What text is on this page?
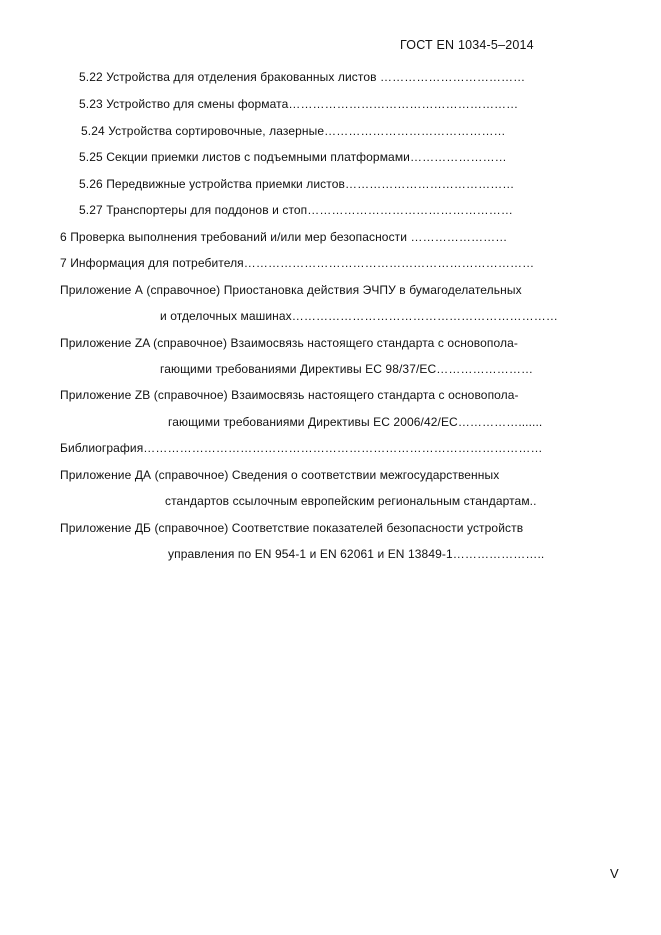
ГОСТ EN 1034-5–2014
5.22 Устройства для отделения бракованных листов ………………………………
5.23 Устройство для смены формата…………………………………………………
5.24 Устройства сортировочные, лазерные………………………………………
5.25 Секции приемки листов с подъемными платформами……………………
5.26 Передвижные устройства приемки листов……………………………………
5.27 Транспортеры для поддонов и стоп……………………………………………
6 Проверка выполнения требований и/или мер безопасности ……………………
7 Информация для потребителя………………………………………………………………
Приложение А (справочное) Приостановка действия ЭЧПУ в бумагоделательных
и отделочных машинах…………………………………………………………
Приложение ZA (справочное) Взаимосвязь настоящего стандарта с основопола-
гающими требованиями Директивы ЕС 98/37/ЕС……………………
Приложение ZB (справочное) Взаимосвязь настоящего стандарта с основопола-
гающими требованиями Директивы ЕС 2006/42/ЕС…………….......
Библиография………………………………………………………………………………………
Приложение ДА (справочное) Сведения о соответствии межгосударственных
стандартов ссылочным европейским региональным стандартам..
Приложение ДБ (справочное) Соответствие показателей безопасности устройств
управления по EN 954-1 и EN 62061 и EN 13849-1…………………..
V
